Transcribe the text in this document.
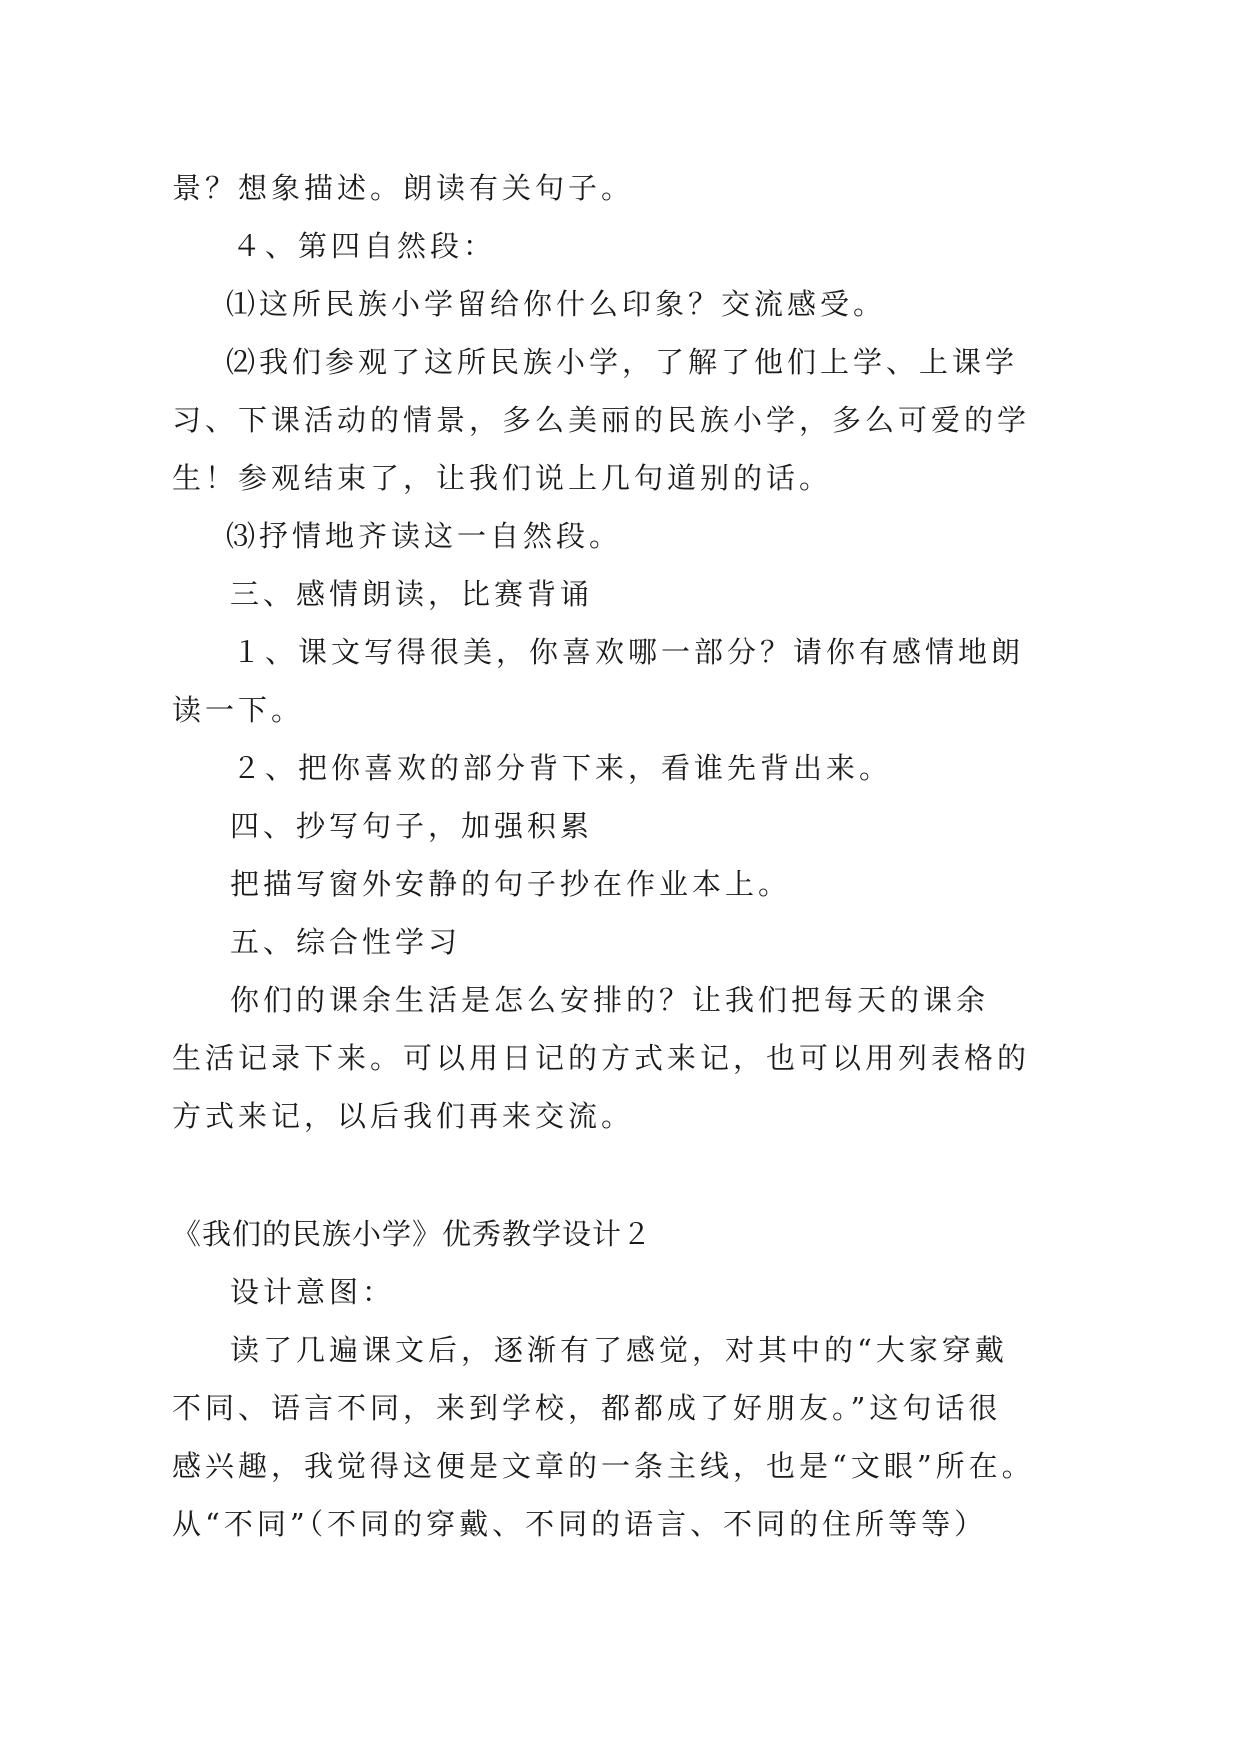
景？想象描述。朗读有关句子。
４、第四自然段：
⑴这所民族小学留给你什么印象？交流感受。
⑵我们参观了这所民族小学，了解了他们上学、上课学
习、下课活动的情景，多么美丽的民族小学，多么可爱的学
生！参观结束了，让我们说上几句道别的话。
⑶抒情地齐读这一自然段。
三、感情朗读，比赛背诵
１、课文写得很美，你喜欢哪一部分？请你有感情地朗
读一下。
２、把你喜欢的部分背下来，看谁先背出来。
四、抄写句子，加强积累
把描写窗外安静的句子抄在作业本上。
五、综合性学习
你们的课余生活是怎么安排的？让我们把每天的课余
生活记录下来。可以用日记的方式来记，也可以用列表格的
方式来记，以后我们再来交流。
《我们的民族小学》优秀教学设计２
设计意图：
读了几遍课文后，逐渐有了感觉，对其中的“大家穿戴
不同、语言不同，来到学校，都都成了好朋友。”这句话很
感兴趣，我觉得这便是文章的一条主线，也是“文眼”所在。
从“不同”（不同的穿戴、不同的语言、不同的住所等等）
